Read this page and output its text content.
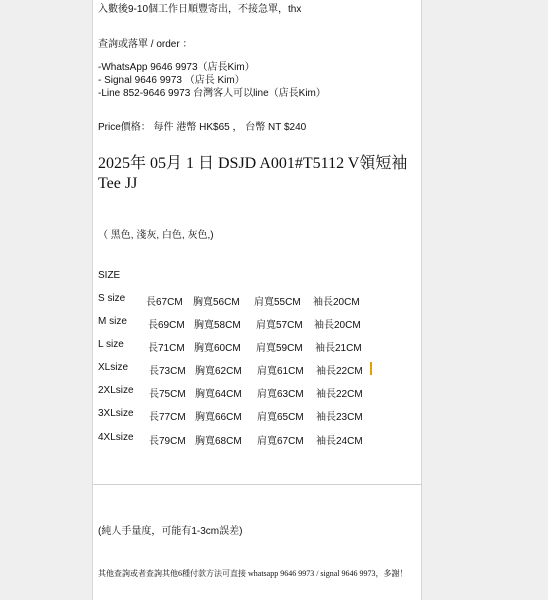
入數後9-10個工作日順豐寄出，不接急單，thx
查詢或落單 / order ：
-WhatsApp 9646 9973（店長Kim）
- Signal 9646 9973 （店長 Kim）
-Line 852-9646 9973 台灣客人可以line（店長Kim）
Price價格： 每件 港幣 HK$65 ， 台幣 NT $240
2025年 05月 1 日 DSJD A001#T5112 V領短袖Tee JJ
（ 黑色, 淺灰, 白色, 灰色,)
SIZE
S size 長67CM 胸寬56CM 肩寬55CM 袖長20CM
M size 長69CM 胸寬58CM 肩寬57CM 袖長20CM
L size 長71CM 胸寬60CM 肩寬59CM 袖長21CM
XLsize 長73CM 胸寬62CM 肩寬61CM 袖長22CM
2XLsize 長75CM 胸寬64CM 肩寬63CM 袖長22CM
3XLsize 長77CM 胸寬66CM 肩寬65CM 袖長23CM
4XLsize 長79CM 胸寬68CM 肩寬67CM 袖長24CM
(純人手量度，可能有1-3cm誤差)
其他查詢或者查詢其他6種付款方法可直接 whatsapp 9646 9973 / signal 9646 9973，多謝！
